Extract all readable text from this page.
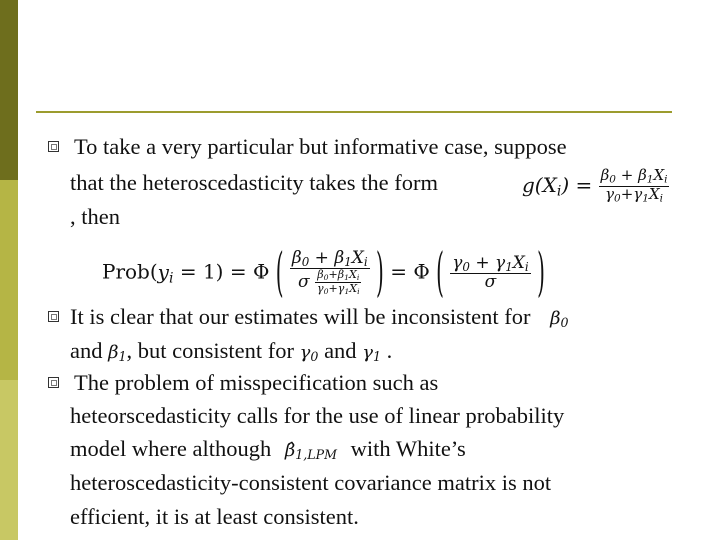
To take a very particular but informative case, suppose
that the heteroscedasticity takes the form	$g(X_i) = \frac{\beta_0 + \beta_1X_i}{\gamma_0+\gamma_1X_i}$
, then
$Prob(y_i = 1) = \Phi$ ( $\frac{\beta_0 + \beta_1X_i}{\sigma \frac{\beta_0+\beta_1X_i}{\gamma_0+\gamma_1X_i}}$ ) = Φ ( $\frac{\gamma_0 + \gamma_1X_i}{\sigma}$ )
It is clear that our estimates will be inconsistent for $\beta_0$
and $\beta_1$, but consistent for $\gamma_0$ and $\gamma_1$ .
The problem of misspecification such as
heteorscedasticity calls for the use of linear probability
model where although $\betâ_{1,LPM}$ with White’s
heteroscedasticity-consistent covariance matrix is not
efficient, it is at least consistent.
